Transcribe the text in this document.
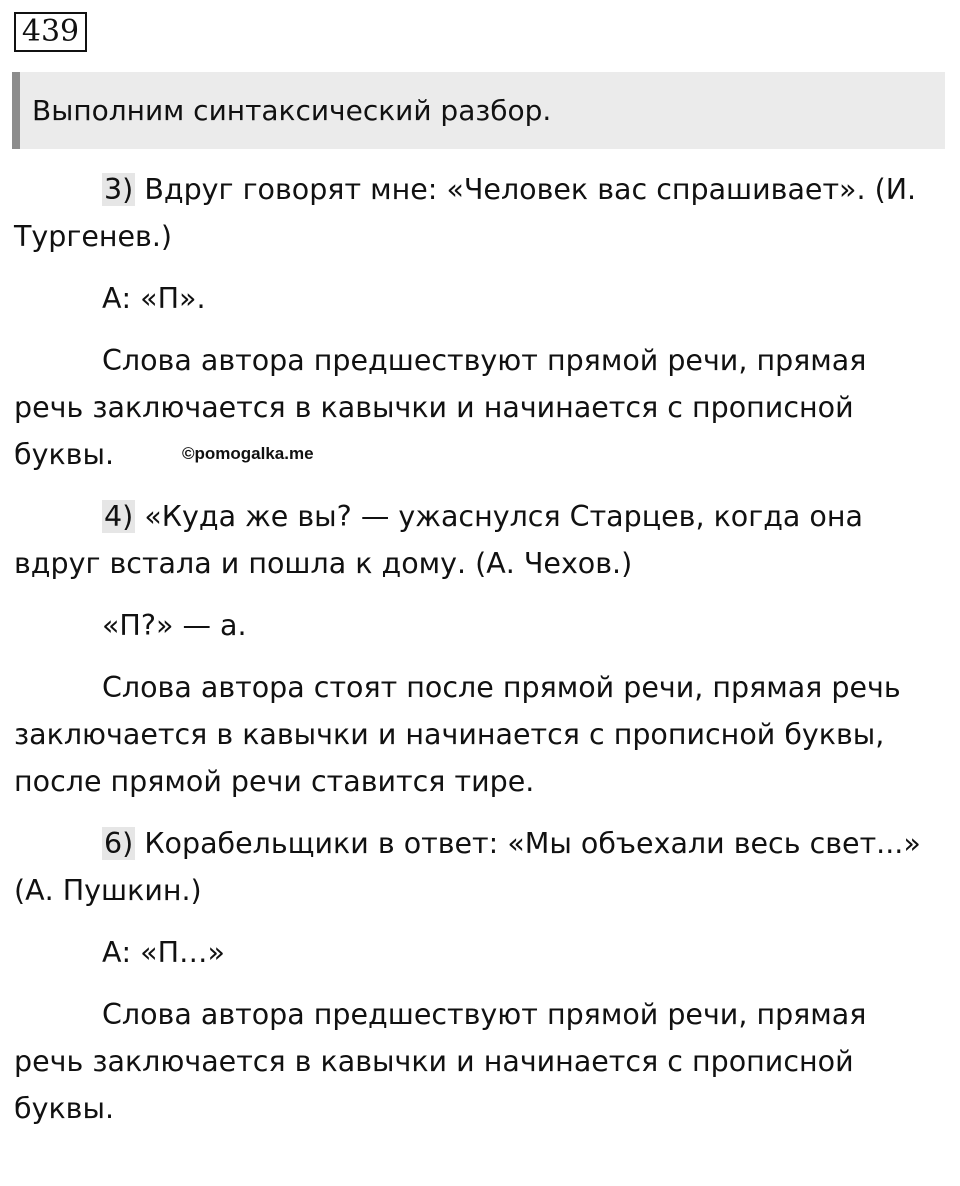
439
Выполним синтаксический разбор.

3) Вдруг говорят мне: «Человек вас спрашивает». (И. Тургенев.)

А: «П».

Слова автора предшествуют прямой речи, прямая речь заключается в кавычки и начинается с прописной буквы.

4) «Куда же вы? — ужаснулся Старцев, когда она вдруг встала и пошла к дому. (А. Чехов.)

«П?» — а.

Слова автора стоят после прямой речи, прямая речь заключается в кавычки и начинается с прописной буквы, после прямой речи ставится тире.

6) Корабельщики в ответ: «Мы объехали весь свет...» (А. Пушкин.)

А: «П…»

Слова автора предшествуют прямой речи, прямая речь заключается в кавычки и начинается с прописной буквы.

©pomogalka.me
